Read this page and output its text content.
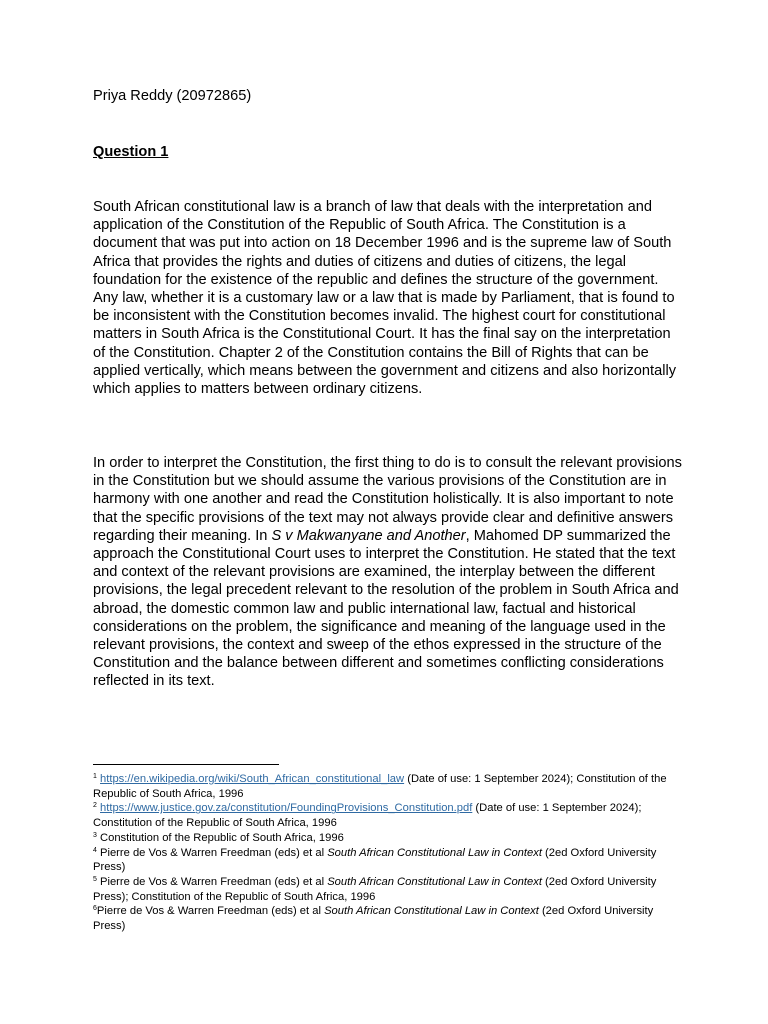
Priya Reddy (20972865)
Question 1

South African constitutional law is a branch of law that deals with the interpretation and application of the Constitution of the Republic of South Africa. The Constitution is a document that was put into action on 18 December 1996 and is the supreme law of South Africa that provides the rights and duties of citizens and duties of citizens, the legal foundation for the existence of the republic and defines the structure of the government. Any law, whether it is a customary law or a law that is made by Parliament, that is found to be inconsistent with the Constitution becomes invalid. The highest court for constitutional matters in South Africa is the Constitutional Court. It has the final say on the interpretation of the Constitution. Chapter 2 of the Constitution contains the Bill of Rights that can be applied vertically, which means between the government and citizens and also horizontally which applies to matters between ordinary citizens.

In order to interpret the Constitution, the first thing to do is to consult the relevant provisions in the Constitution but we should assume the various provisions of the Constitution are in harmony with one another and read the Constitution holistically. It is also important to note that the specific provisions of the text may not always provide clear and definitive answers regarding their meaning. In S v Makwanyane and Another, Mahomed DP summarized the approach the Constitutional Court uses to interpret the Constitution. He stated that the text and context of the relevant provisions are examined, the interplay between the different provisions, the legal precedent relevant to the resolution of the problem in South Africa and abroad, the domestic common law and public international law, factual and historical considerations on the problem, the significance and meaning of the language used in the relevant provisions, the context and sweep of the ethos expressed in the structure of the Constitution and the balance between different and sometimes conflicting considerations reflected in its text.

$^1$ https://en.wikipedia.org/wiki/South_African_constitutional_law (Date of use: 1 September 2024); Constitution of the Republic of South Africa, 1996

$^2$ https://www.justice.gov.za/constitution/FoundingProvisions_Constitution.pdf (Date of use: 1 September 2024); Constitution of the Republic of South Africa, 1996

$^3$ Constitution of the Republic of South Africa, 1996

$^4$ Pierre de Vos & Warren Freedman (eds) et al South African Constitutional Law in Context (2ed Oxford University Press)

$^5$ Pierre de Vos & Warren Freedman (eds) et al South African Constitutional Law in Context (2ed Oxford University Press); Constitution of the Republic of South Africa, 1996

$^6$Pierre de Vos & Warren Freedman (eds) et al South African Constitutional Law in Context (2ed Oxford University Press)
